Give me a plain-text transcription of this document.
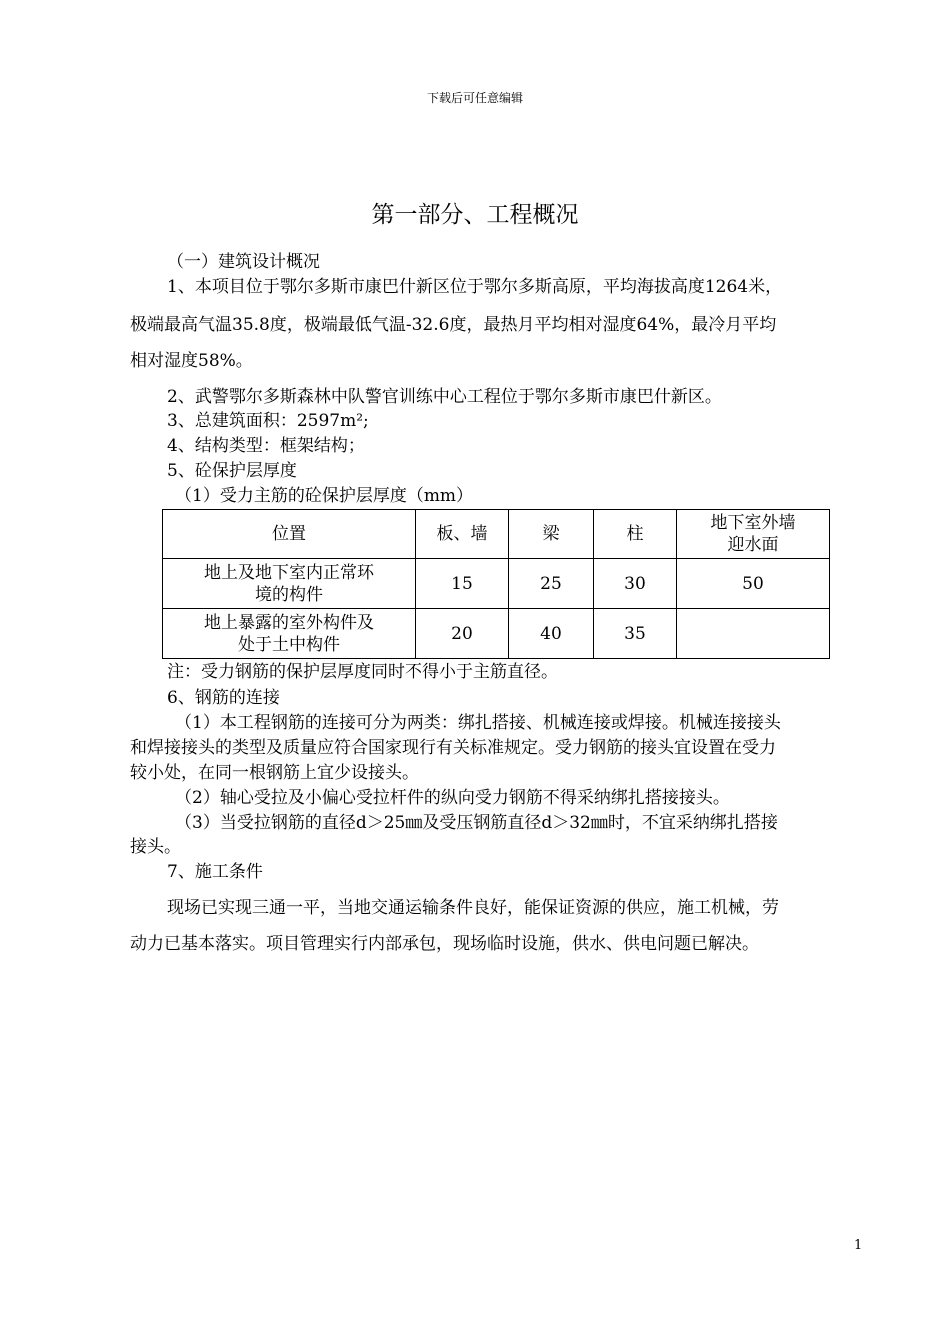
下载后可任意编辑
第一部分、工程概况
（一）建筑设计概况
1、本项目位于鄂尔多斯市康巴什新区位于鄂尔多斯高原，平均海拔高度1264米，
极端最高气温35.8度，极端最低气温-32.6度，最热月平均相对湿度64%，最冷月平均
相对湿度58%。
2、武警鄂尔多斯森林中队警官训练中心工程位于鄂尔多斯市康巴什新区。
3、总建筑面积：2597m²;
4、结构类型：框架结构；
5、砼保护层厚度
（1）受力主筋的砼保护层厚度（mm）
位置	板、墙	梁	柱	地下室外墙
迎水面

地上及地下室内正常环
境的构件	15	25	30	50

地上暴露的室外构件及
处于土中构件	20	40	35	
注：受力钢筋的保护层厚度同时不得小于主筋直径。
6、钢筋的连接
（1）本工程钢筋的连接可分为两类：绑扎搭接、机械连接或焊接。机械连接接头
和焊接接头的类型及质量应符合国家现行有关标准规定。受力钢筋的接头宜设置在受力
较小处，在同一根钢筋上宜少设接头。
（2）轴心受拉及小偏心受拉杆件的纵向受力钢筋不得采纳绑扎搭接接头。
（3）当受拉钢筋的直径d＞25㎜及受压钢筋直径d＞32㎜时，不宜采纳绑扎搭接
接头。
7、施工条件
现场已实现三通一平，当地交通运输条件良好，能保证资源的供应，施工机械，劳
动力已基本落实。项目管理实行内部承包，现场临时设施，供水、供电问题已解决。
1
